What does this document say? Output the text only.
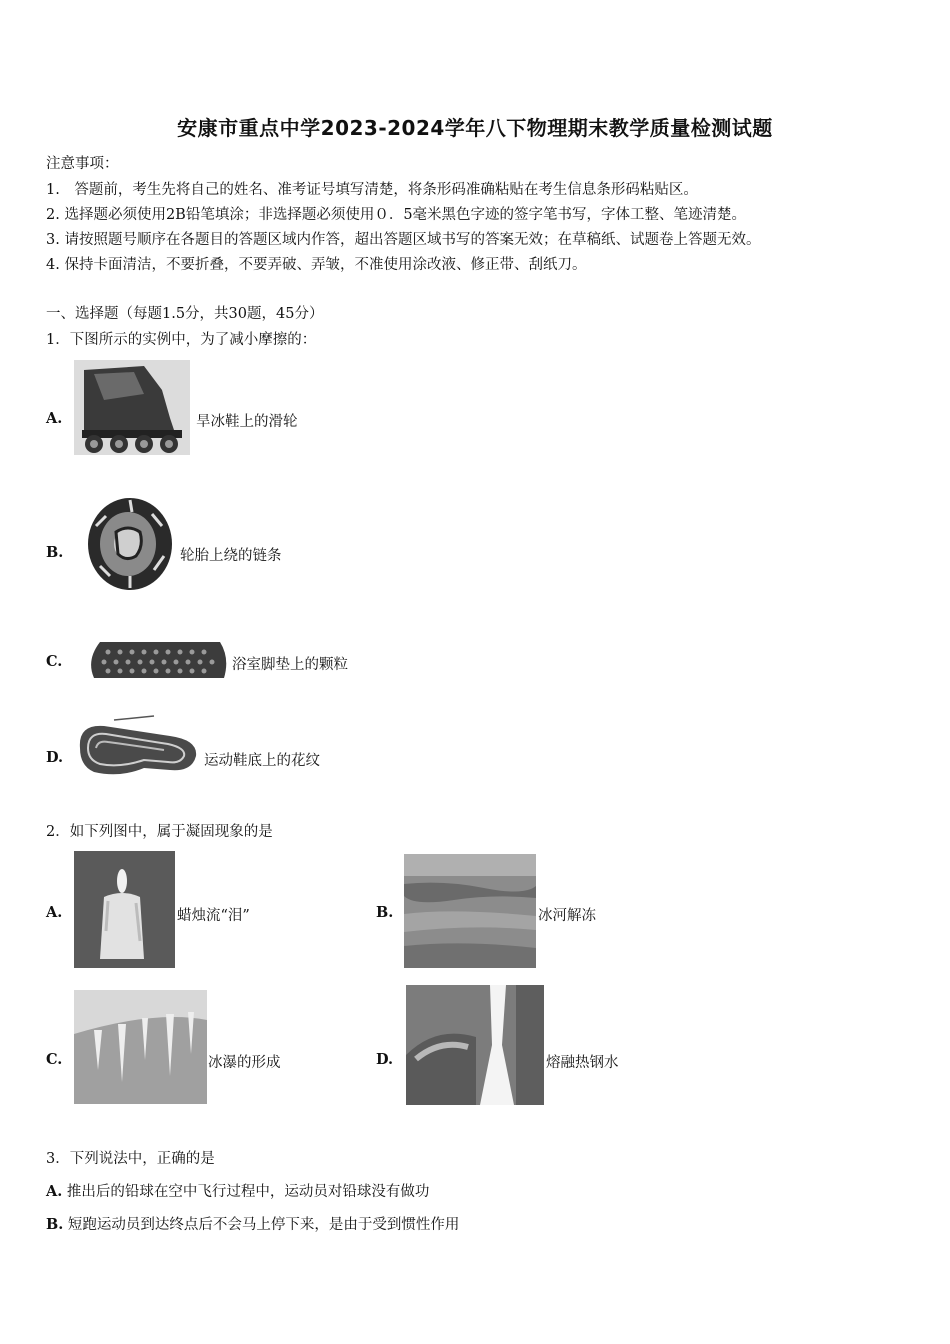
安康市重点中学2023-2024学年八下物理期末教学质量检测试题
注意事项：
1.　答题前，考生先将自己的姓名、准考证号填写清楚，将条形码准确粘贴在考生信息条形码粘贴区。
2. 选择题必须使用2B铅笔填涂；非选择题必须使用０．5毫米黑色字迹的签字笔书写，字体工整、笔迹清楚。
3. 请按照题号顺序在各题目的答题区域内作答，超出答题区域书写的答案无效；在草稿纸、试题卷上答题无效。
4. 保持卡面清洁，不要折叠，不要弄破、弄皱，不准使用涂改液、修正带、刮纸刀。
一、选择题（每题1.5分，共30题，45分）
1．下图所示的实例中，为了减小摩擦的：
A.	旱冰鞋上的滑轮
B.	轮胎上绕的链条
C.	浴室脚垫上的颗粒
D.	运动鞋底上的花纹
2．如下列图中，属于凝固现象的是
A.	蜡烛流“泪”	B.	冰河解冻
C.	冰瀑的形成	D.	熔融热钢水
3．下列说法中，正确的是
A. 推出后的铅球在空中飞行过程中，运动员对铅球没有做功
B. 短跑运动员到达终点后不会马上停下来，是由于受到惯性作用
